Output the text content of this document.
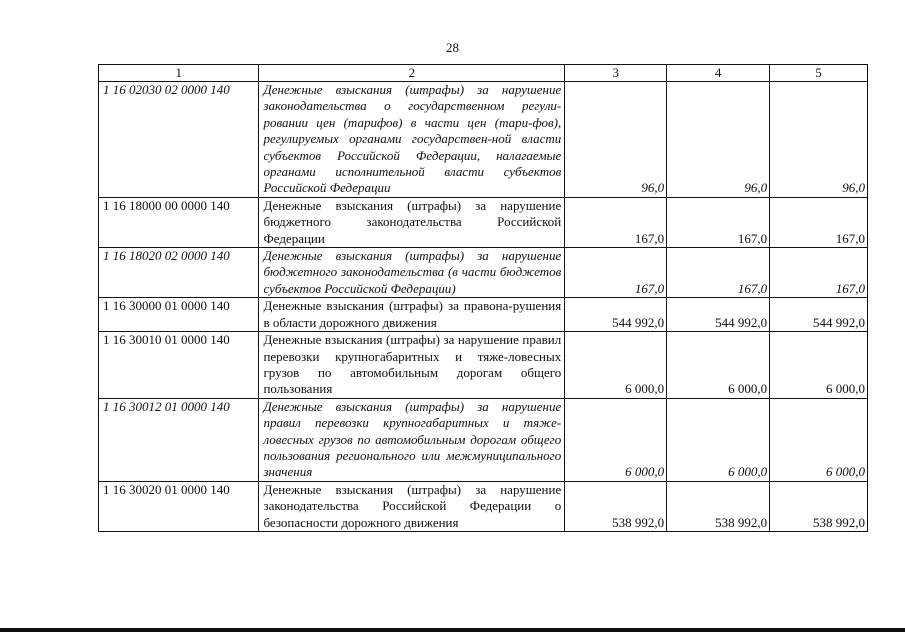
28
1	2	3	4	5
1 16 02030 02 0000 140	Денежные взыскания (штрафы) за нарушение законодательства о государственном регули-ровании цен (тарифов) в части цен (тари-фов), регулируемых органами государствен-ной власти субъектов Российской Федерации, налагаемые органами исполнительной власти субъектов Российской Федерации	96,0	96,0	96,0
1 16 18000 00 0000 140	Денежные взыскания (штрафы) за нарушение бюджетного законодательства Российской Федерации	167,0	167,0	167,0
1 16 18020 02 0000 140	Денежные взыскания (штрафы) за нарушение бюджетного законодательства (в части бюджетов субъектов Российской Федерации)	167,0	167,0	167,0
1 16 30000 01 0000 140	Денежные взыскания (штрафы) за правона-рушения в области дорожного движения	544 992,0	544 992,0	544 992,0
1 16 30010 01 0000 140	Денежные взыскания (штрафы) за нарушение правил перевозки крупногабаритных и тяже-ловесных грузов по автомобильным дорогам общего пользования	6 000,0	6 000,0	6 000,0
1 16 30012 01 0000 140	Денежные взыскания (штрафы) за нарушение правил перевозки крупногабаритных и тяже-ловесных грузов по автомобильным дорогам общего пользования регионального или межмуниципального значения	6 000,0	6 000,0	6 000,0
1 16 30020 01 0000 140	Денежные взыскания (штрафы) за нарушение законодательства Российской Федерации о безопасности дорожного движения	538 992,0	538 992,0	538 992,0
